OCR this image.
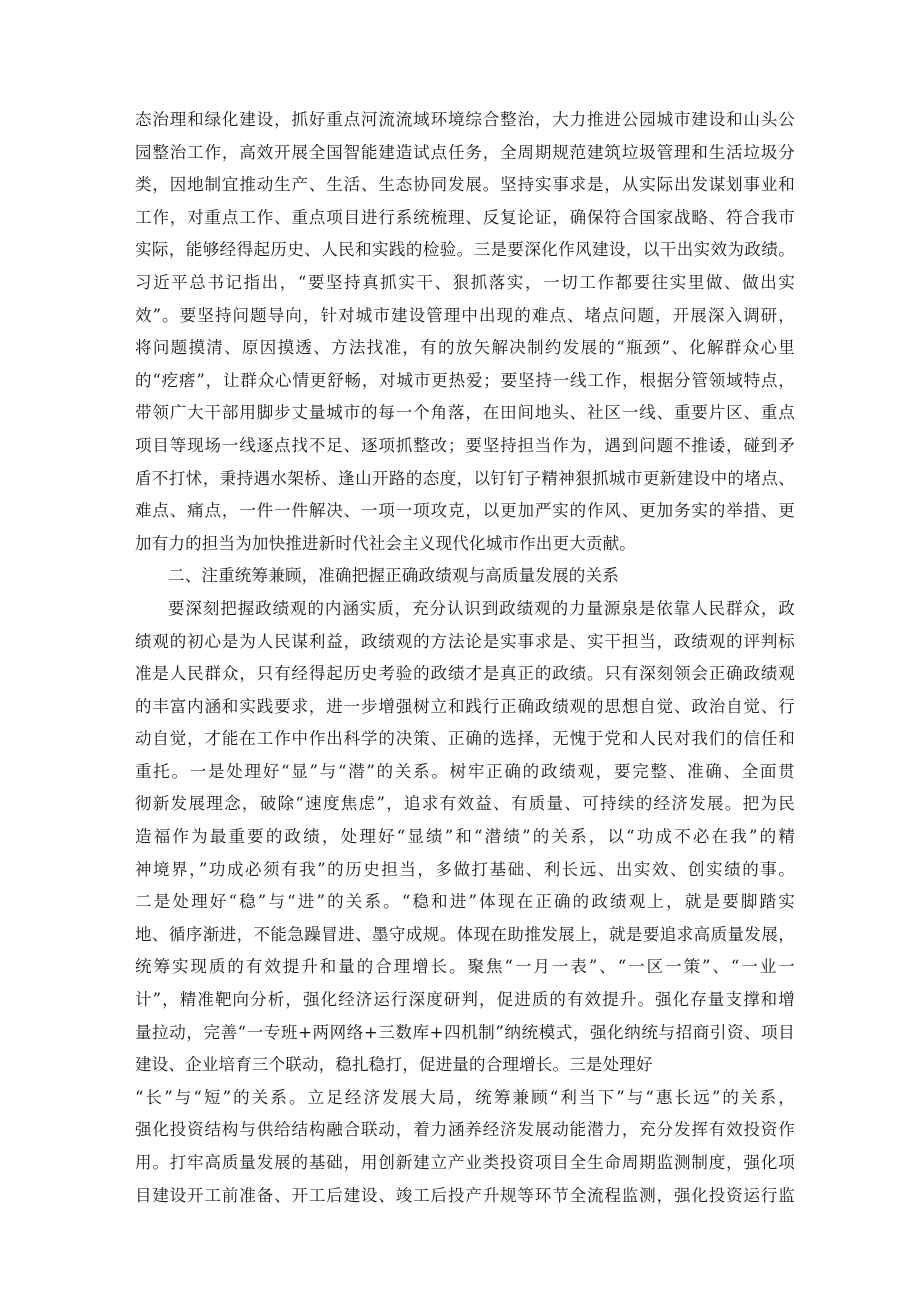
态治理和绿化建设，抓好重点河流流域环境综合整治，大力推进公园城市建设和山头公
园整治工作，高效开展全国智能建造试点任务，全周期规范建筑垃圾管理和生活垃圾分
类，因地制宜推动生产、生活、生态协同发展。坚持实事求是，从实际出发谋划事业和
工作，对重点工作、重点项目进行系统梳理、反复论证，确保符合国家战略、符合我市
实际，能够经得起历史、人民和实践的检验。三是要深化作风建设，以干出实效为政绩。
习近平总书记指出，“要坚持真抓实干、狠抓落实，一切工作都要往实里做、做出实
效”。要坚持问题导向，针对城市建设管理中出现的难点、堵点问题，开展深入调研，
将问题摸清、原因摸透、方法找准，有的放矢解决制约发展的“瓶颈”、化解群众心里
的“疙瘩”，让群众心情更舒畅，对城市更热爱；要坚持一线工作，根据分管领域特点，
带领广大干部用脚步丈量城市的每一个角落，在田间地头、社区一线、重要片区、重点
项目等现场一线逐点找不足、逐项抓整改；要坚持担当作为，遇到问题不推诿，碰到矛
盾不打怵，秉持遇水架桥、逢山开路的态度，以钉钉子精神狠抓城市更新建设中的堵点、
难点、痛点，一件一件解决、一项一项攻克，以更加严实的作风、更加务实的举措、更
加有力的担当为加快推进新时代社会主义现代化城市作出更大贡献。
二、注重统筹兼顾，准确把握正确政绩观与高质量发展的关系
要深刻把握政绩观的内涵实质，充分认识到政绩观的力量源泉是依靠人民群众，政
绩观的初心是为人民谋利益，政绩观的方法论是实事求是、实干担当，政绩观的评判标
准是人民群众，只有经得起历史考验的政绩才是真正的政绩。只有深刻领会正确政绩观
的丰富内涵和实践要求，进一步增强树立和践行正确政绩观的思想自觉、政治自觉、行
动自觉，才能在工作中作出科学的决策、正确的选择，无愧于党和人民对我们的信任和
重托。一是处理好“显”与“潜”的关系。树牢正确的政绩观，要完整、准确、全面贯
彻新发展理念，破除“速度焦虑”，追求有效益、有质量、可持续的经济发展。把为民
造福作为最重要的政绩，处理好“显绩”和“潜绩”的关系，以“功成不必在我”的精
神境界，”功成必须有我”的历史担当，多做打基础、利长远、出实效、创实绩的事。
二是处理好“稳”与“进”的关系。“稳和进”体现在正确的政绩观上，就是要脚踏实
地、循序渐进，不能急躁冒进、墨守成规。体现在助推发展上，就是要追求高质量发展，
统筹实现质的有效提升和量的合理增长。聚焦“一月一表”、“一区一策”、“一业一
计”，精准靶向分析，强化经济运行深度研判，促进质的有效提升。强化存量支撑和增
量拉动，完善“一专班+两网络+三数库+四机制”纳统模式，强化纳统与招商引资、项目
建设、企业培育三个联动，稳扎稳打，促进量的合理增长。三是处理好
“长”与“短”的关系。立足经济发展大局，统筹兼顾“利当下”与“惠长远”的关系，
强化投资结构与供给结构融合联动，着力涵养经济发展动能潜力，充分发挥有效投资作
用。打牢高质量发展的基础，用创新建立产业类投资项目全生命周期监测制度，强化项
目建设开工前准备、开工后建设、竣工后投产升规等环节全流程监测，强化投资运行监
